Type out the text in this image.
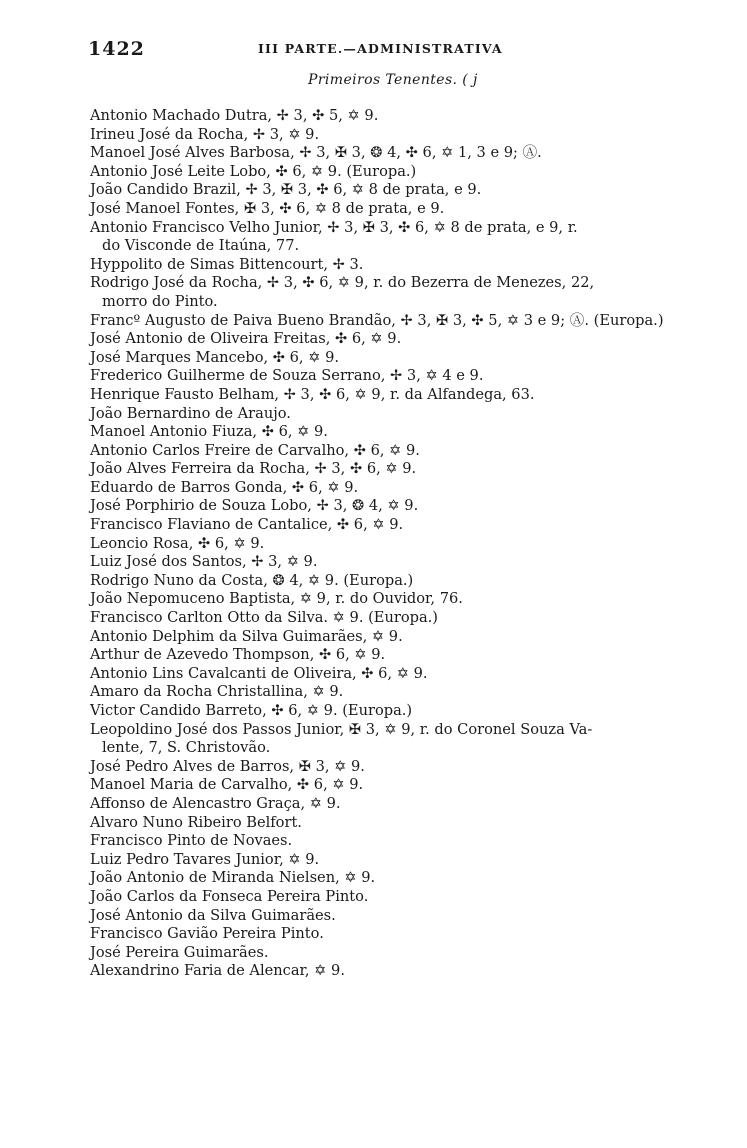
1422	III PARTE.—ADMINISTRATIVA
Primeiros Tenentes. ( j
Antonio Machado Dutra, ✢ 3, ✣ 5, ✡ 9.
Irineu José da Rocha, ✢ 3, ✡ 9.
Manoel José Alves Barbosa, ✢ 3, ✠ 3, ❂ 4, ✣ 6, ✡ 1, 3 e 9; Ⓐ.
Antonio José Leite Lobo, ✣ 6, ✡ 9. (Europa.)
João Candido Brazil, ✢ 3, ✠ 3, ✣ 6, ✡ 8 de prata, e 9.
José Manoel Fontes, ✠ 3, ✣ 6, ✡ 8 de prata, e 9.
Antonio Francisco Velho Junior, ✢ 3, ✠ 3, ✣ 6, ✡ 8 de prata, e 9, r.
do Visconde de Itaúna, 77.
Hyppolito de Simas Bittencourt, ✢ 3.
Rodrigo José da Rocha, ✢ 3, ✣ 6, ✡ 9, r. do Bezerra de Menezes, 22,
morro do Pinto.
Francº Augusto de Paiva Bueno Brandão, ✢ 3, ✠ 3, ✣ 5, ✡ 3 e 9; Ⓐ. (Europa.)
José Antonio de Oliveira Freitas, ✣ 6, ✡ 9.
José Marques Mancebo, ✣ 6, ✡ 9.
Frederico Guilherme de Souza Serrano, ✢ 3, ✡ 4 e 9.
Henrique Fausto Belham, ✢ 3, ✣ 6, ✡ 9, r. da Alfandega, 63.
João Bernardino de Araujo.
Manoel Antonio Fiuza, ✣ 6, ✡ 9.
Antonio Carlos Freire de Carvalho, ✣ 6, ✡ 9.
João Alves Ferreira da Rocha, ✢ 3, ✣ 6, ✡ 9.
Eduardo de Barros Gonda, ✣ 6, ✡ 9.
José Porphirio de Souza Lobo, ✢ 3, ❂ 4, ✡ 9.
Francisco Flaviano de Cantalice, ✣ 6, ✡ 9.
Leoncio Rosa, ✣ 6, ✡ 9.
Luiz José dos Santos, ✢ 3, ✡ 9.
Rodrigo Nuno da Costa, ❂ 4, ✡ 9. (Europa.)
João Nepomuceno Baptista, ✡ 9, r. do Ouvidor, 76.
Francisco Carlton Otto da Silva. ✡ 9. (Europa.)
Antonio Delphim da Silva Guimarães, ✡ 9.
Arthur de Azevedo Thompson, ✣ 6, ✡ 9.
Antonio Lins Cavalcanti de Oliveira, ✣ 6, ✡ 9.
Amaro da Rocha Christallina, ✡ 9.
Victor Candido Barreto, ✣ 6, ✡ 9. (Europa.)
Leopoldino José dos Passos Junior, ✠ 3, ✡ 9, r. do Coronel Souza Va-
lente, 7, S. Christovão.
José Pedro Alves de Barros, ✠ 3, ✡ 9.
Manoel Maria de Carvalho, ✣ 6, ✡ 9.
Affonso de Alencastro Graça, ✡ 9.
Alvaro Nuno Ribeiro Belfort.
Francisco Pinto de Novaes.
Luiz Pedro Tavares Junior, ✡ 9.
João Antonio de Miranda Nielsen, ✡ 9.
João Carlos da Fonseca Pereira Pinto.
José Antonio da Silva Guimarães.
Francisco Gavião Pereira Pinto.
José Pereira Guimarães.
Alexandrino Faria de Alencar, ✡ 9.
